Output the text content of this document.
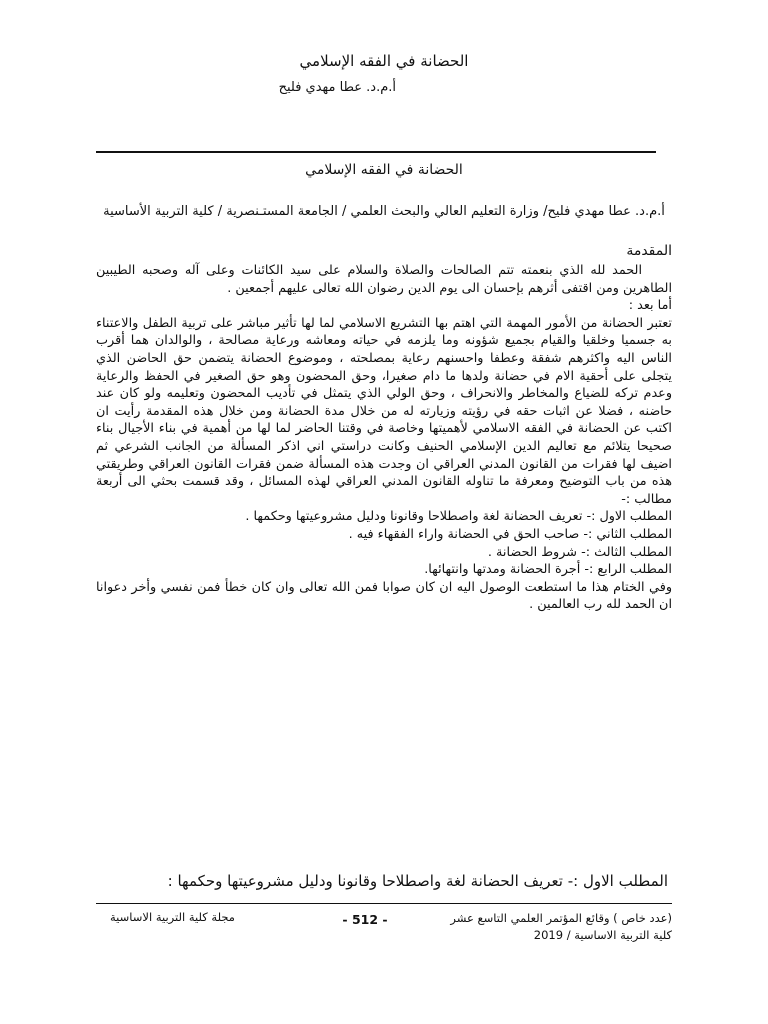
الحضانة في الفقه الإسلامي
أ.م.د. عطا مهدي فليح
الحضانة في الفقه الإسلامي
أ.م.د. عطا مهدي فليح/ وزارة التعليم العالي والبحث العلمي / الجامعة المستـنصرية / كلية التربية الأساسية
المقدمة

الحمد لله الذي بنعمته تتم الصالحات والصلاة والسلام على سيد الكائنات وعلى آله وصحبه الطيبين الطاهرين ومن اقتفى أثرهم بإحسان الى يوم الدين رضوان الله تعالى عليهم أجمعين .

أما بعد :

تعتبر الحضانة من الأمور المهمة التي اهتم بها التشريع الاسلامي لما لها تأثير مباشر على تربية الطفل والاعتناء به جسميا وخلقيا والقيام بجميع شؤونه وما يلزمه في حياته ومعاشه ورعاية مصالحة ، والوالدان هما أقرب الناس اليه واكثرهم شفقة وعطفا واحسنهم رعاية بمصلحته ، وموضوع الحضانة يتضمن حق الحاضن الذي يتجلى على أحقية الام في حضانة ولدها ما دام صغيرا، وحق المحضون وهو حق الصغير في الحفظ والرعاية وعدم تركه للضياع والمخاطر والانحراف ، وحق الولي الذي يتمثل في تأديب المحضون وتعليمه ولو كان عند حاضنه ، فضلا عن اثبات حقه في رؤيته وزيارته له من خلال مدة الحضانة ومن خلال هذه المقدمة رأيت ان اكتب عن الحضانة في الفقه الاسلامي لأهميتها وخاصة في وقتنا الحاضر لما لها من أهمية في بناء الأجيال بناء صحيحا يتلائم مع تعاليم الدين الإسلامي الحنيف وكانت دراستي اني اذكر المسألة من الجانب الشرعي ثم اضيف لها فقرات من القانون المدني العراقي ان وجدت هذه المسألة ضمن فقرات القانون العراقي وطريقتي هذه من باب التوضيح ومعرفة ما تناوله القانون المدني العراقي لهذه المسائل ، وقد قسمت بحثي الى أربعة مطالب :-

المطلب الاول :- تعريف الحضانة لغة واصطلاحا وقانونا ودليل مشروعيتها وحكمها .
المطلب الثاني :- صاحب الحق في الحضانة واراء الفقهاء فيه .
المطلب الثالث :- شروط الحضانة .
المطلب الرابع :- أجرة الحضانة ومدتها وانتهائها.

وفي الختام هذا ما استطعت الوصول اليه ان كان صوابا فمن الله تعالى وان كان خطأ فمن نفسي وأخر دعوانا ان الحمد لله رب العالمين .

المطلب الاول :- تعريف الحضانة لغة واصطلاحا وقانونا ودليل مشروعيتها وحكمها :
مجلة كلية التربية الاساسية	- 512 -	(عدد خاص ) وقائع المؤتمر العلمي التاسع عشر
كلية التربية الاساسية / 2019
